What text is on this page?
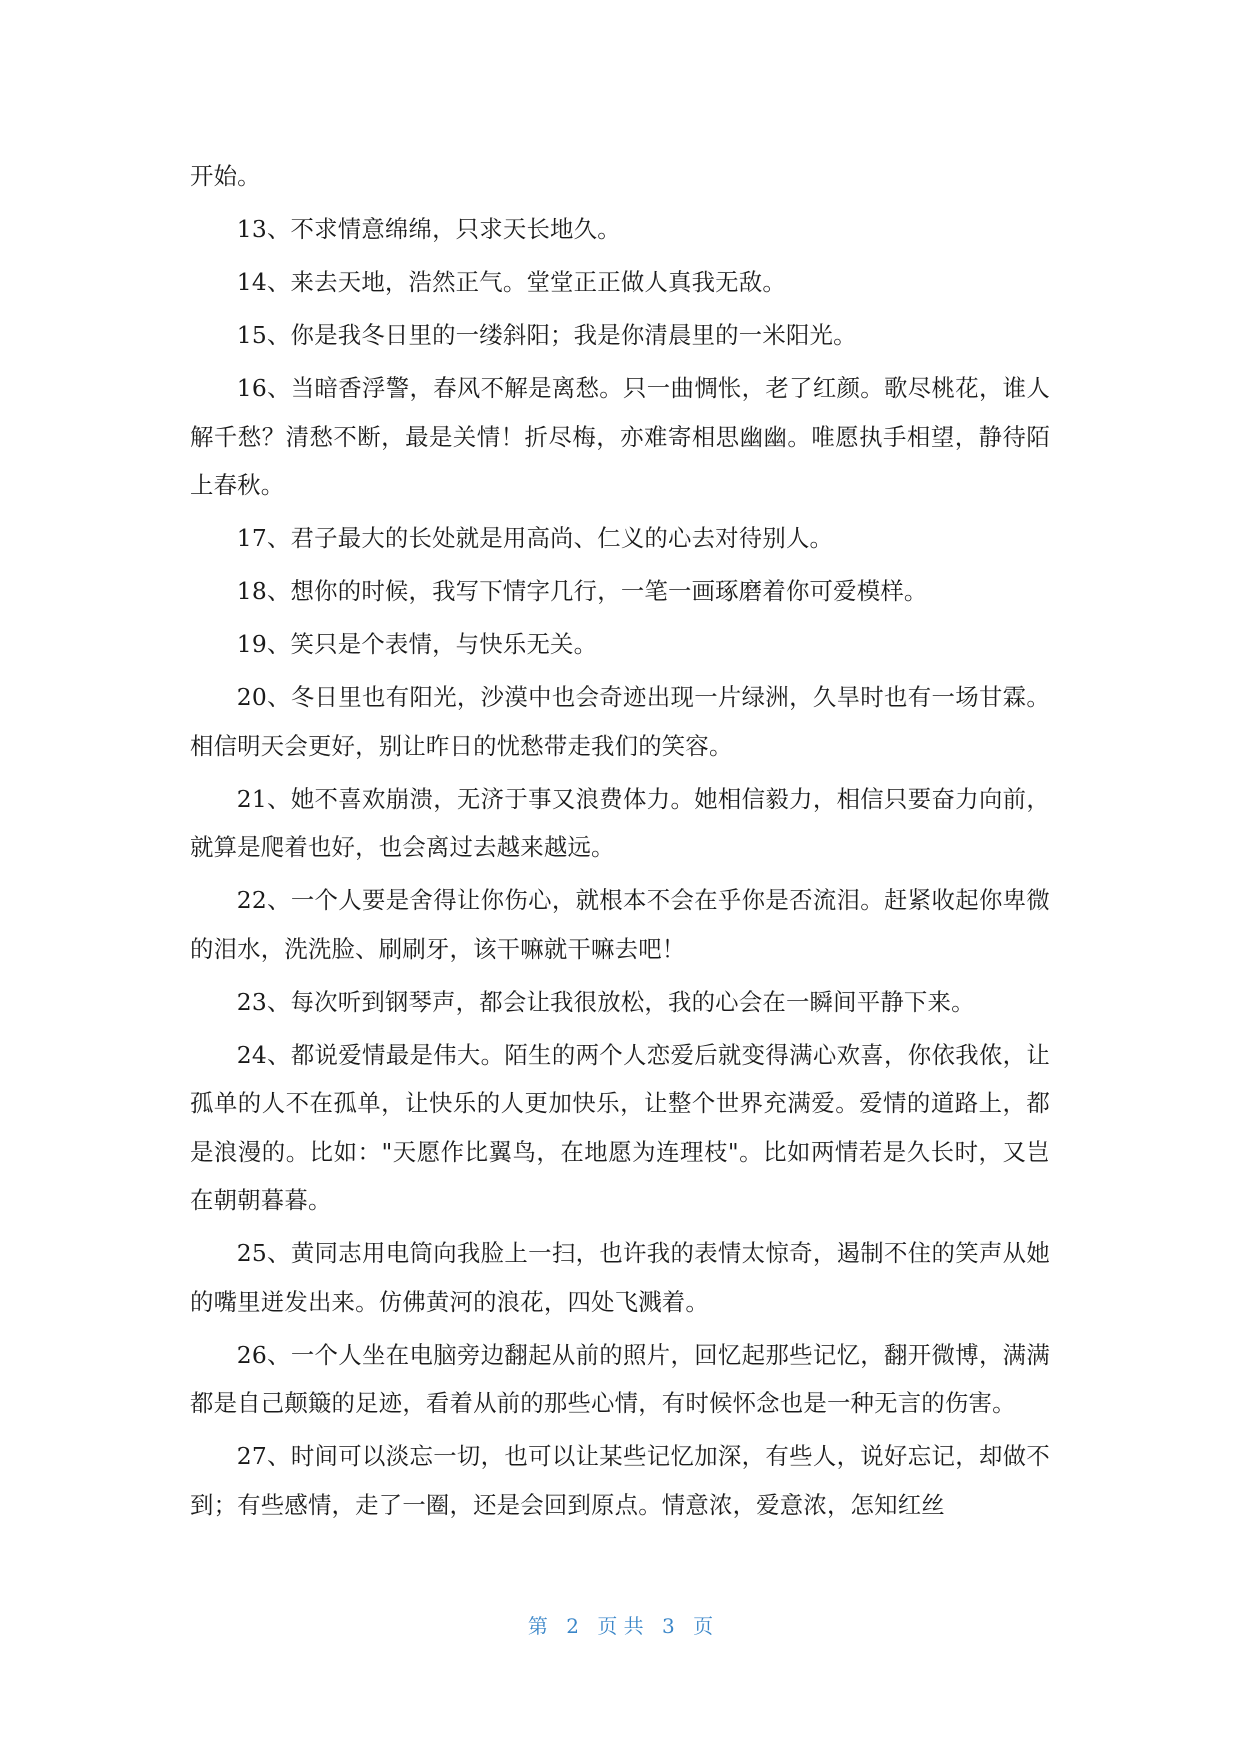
开始。

13、不求情意绵绵，只求天长地久。

14、来去天地，浩然正气。堂堂正正做人真我无敌。

15、你是我冬日里的一缕斜阳；我是你清晨里的一米阳光。

16、当暗香浮警，春风不解是离愁。只一曲惆怅，老了红颜。歌尽桃花，谁人解千愁？清愁不断，最是关情！折尽梅，亦难寄相思幽幽。唯愿执手相望，静待陌上春秋。

17、君子最大的长处就是用高尚、仁义的心去对待别人。

18、想你的时候，我写下情字几行，一笔一画琢磨着你可爱模样。

19、笑只是个表情，与快乐无关。

20、冬日里也有阳光，沙漠中也会奇迹出现一片绿洲，久旱时也有一场甘霖。相信明天会更好，别让昨日的忧愁带走我们的笑容。

21、她不喜欢崩溃，无济于事又浪费体力。她相信毅力，相信只要奋力向前，就算是爬着也好，也会离过去越来越远。

22、一个人要是舍得让你伤心，就根本不会在乎你是否流泪。赶紧收起你卑微的泪水，洗洗脸、刷刷牙，该干嘛就干嘛去吧！

23、每次听到钢琴声，都会让我很放松，我的心会在一瞬间平静下来。

24、都说爱情最是伟大。陌生的两个人恋爱后就变得满心欢喜，你依我侬，让孤单的人不在孤单，让快乐的人更加快乐，让整个世界充满爱。爱情的道路上，都是浪漫的。比如："天愿作比翼鸟，在地愿为连理枝"。比如两情若是久长时，又岂在朝朝暮暮。

25、黄同志用电筒向我脸上一扫，也许我的表情太惊奇，遏制不住的笑声从她的嘴里迸发出来。仿佛黄河的浪花，四处飞溅着。

26、一个人坐在电脑旁边翻起从前的照片，回忆起那些记忆，翻开微博，满满都是自己颠簸的足迹，看着从前的那些心情，有时候怀念也是一种无言的伤害。

27、时间可以淡忘一切，也可以让某些记忆加深，有些人，说好忘记，却做不到；有些感情，走了一圈，还是会回到原点。情意浓，爱意浓，怎知红丝

第 2 页 共 3 页
